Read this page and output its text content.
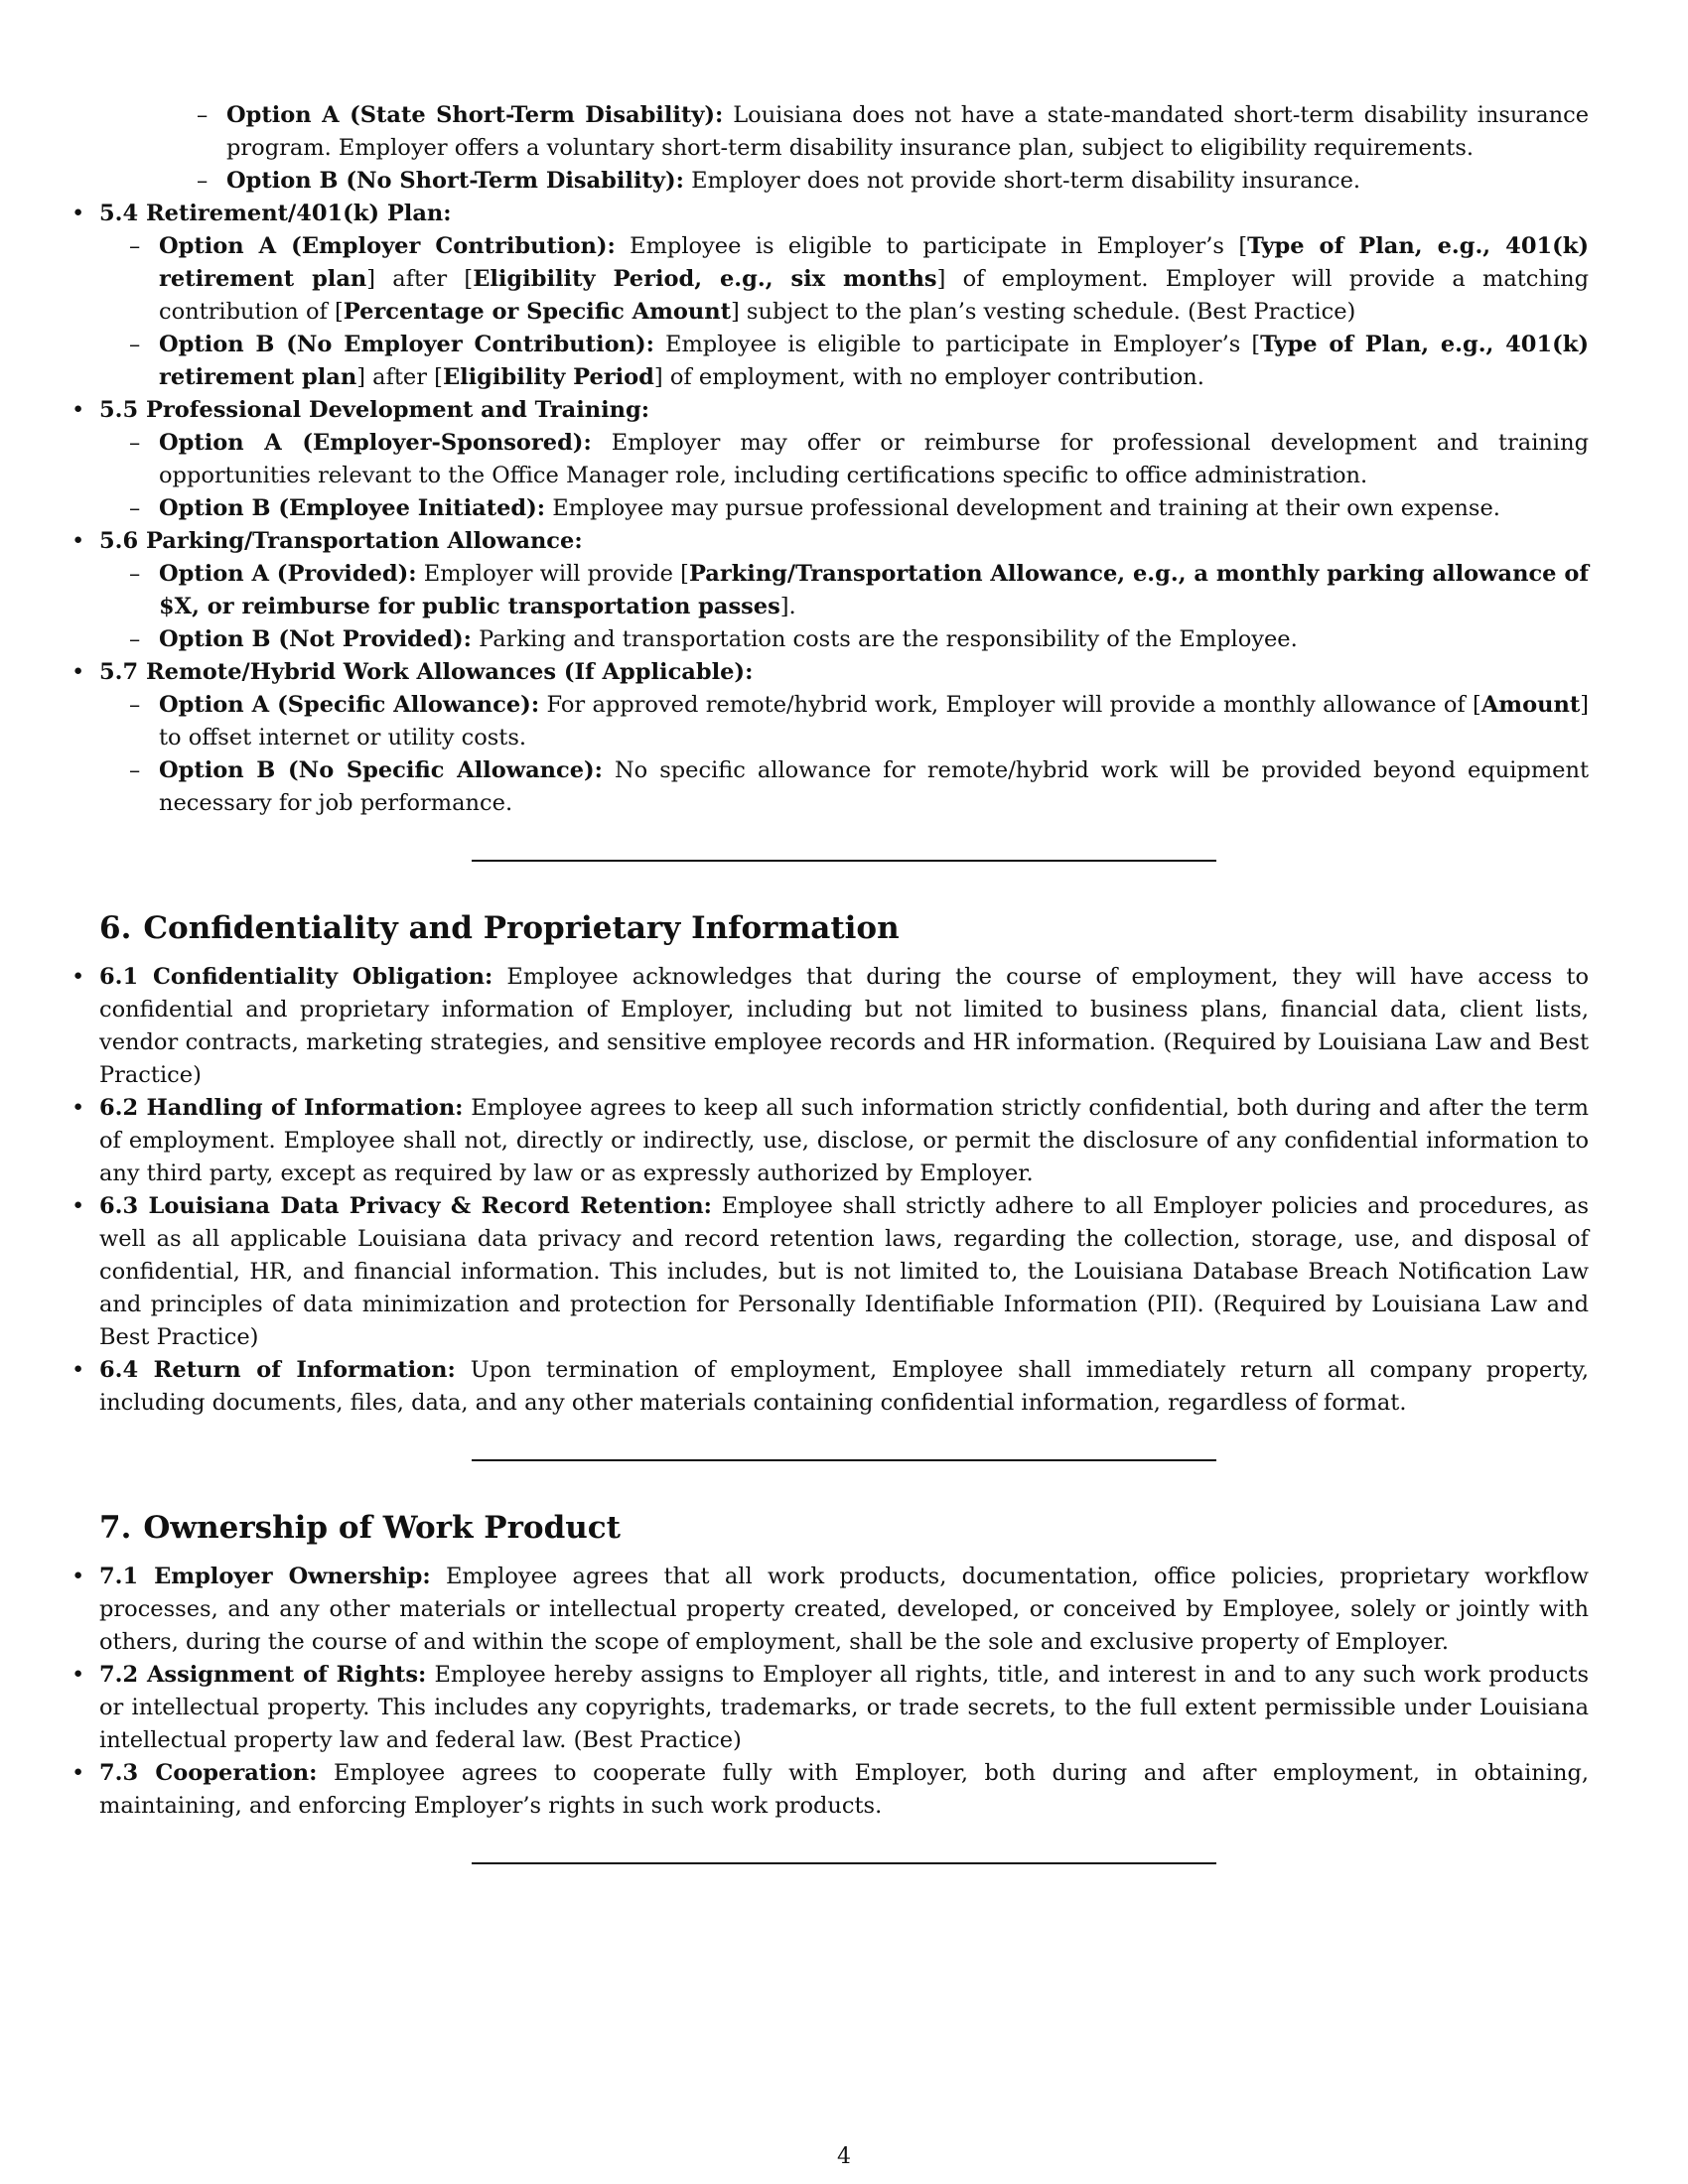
– Option A (State Short-Term Disability): Louisiana does not have a state-mandated short-term disability insurance program. Employer offers a voluntary short-term disability insurance plan, subject to eligibility requirements.
– Option B (No Short-Term Disability): Employer does not provide short-term disability insurance.
• 5.4 Retirement/401(k) Plan:
– Option A (Employer Contribution): Employee is eligible to participate in Employer’s [Type of Plan, e.g., 401(k) retirement plan] after [Eligibility Period, e.g., six months] of employment. Employer will provide a matching contribution of [Percentage or Specific Amount] subject to the plan’s vesting schedule. (Best Practice)
– Option B (No Employer Contribution): Employee is eligible to participate in Employer’s [Type of Plan, e.g., 401(k) retirement plan] after [Eligibility Period] of employment, with no employer contribution.
• 5.5 Professional Development and Training:
– Option A (Employer-Sponsored): Employer may offer or reimburse for professional development and training opportunities relevant to the Office Manager role, including certifications specific to office administration.
– Option B (Employee Initiated): Employee may pursue professional development and training at their own expense.
• 5.6 Parking/Transportation Allowance:
– Option A (Provided): Employer will provide [Parking/Transportation Allowance, e.g., a monthly parking allowance of $X, or reimburse for public transportation passes].
– Option B (Not Provided): Parking and transportation costs are the responsibility of the Employee.
• 5.7 Remote/Hybrid Work Allowances (If Applicable):
– Option A (Specific Allowance): For approved remote/hybrid work, Employer will provide a monthly allowance of [Amount] to offset internet or utility costs.
– Option B (No Specific Allowance): No specific allowance for remote/hybrid work will be provided beyond equipment necessary for job performance.
6. Confidentiality and Proprietary Information
• 6.1 Confidentiality Obligation: Employee acknowledges that during the course of employment, they will have access to confidential and proprietary information of Employer, including but not limited to business plans, financial data, client lists, vendor contracts, marketing strategies, and sensitive employee records and HR information. (Required by Louisiana Law and Best Practice)
• 6.2 Handling of Information: Employee agrees to keep all such information strictly confidential, both during and after the term of employment. Employee shall not, directly or indirectly, use, disclose, or permit the disclosure of any confidential information to any third party, except as required by law or as expressly authorized by Employer.
• 6.3 Louisiana Data Privacy & Record Retention: Employee shall strictly adhere to all Employer policies and procedures, as well as all applicable Louisiana data privacy and record retention laws, regarding the collection, storage, use, and disposal of confidential, HR, and financial information. This includes, but is not limited to, the Louisiana Database Breach Notification Law and principles of data minimization and protection for Personally Identifiable Information (PII). (Required by Louisiana Law and Best Practice)
• 6.4 Return of Information: Upon termination of employment, Employee shall immediately return all company property, including documents, files, data, and any other materials containing confidential information, regardless of format.
7. Ownership of Work Product
• 7.1 Employer Ownership: Employee agrees that all work products, documentation, office policies, proprietary workflow processes, and any other materials or intellectual property created, developed, or conceived by Employee, solely or jointly with others, during the course of and within the scope of employment, shall be the sole and exclusive property of Employer.
• 7.2 Assignment of Rights: Employee hereby assigns to Employer all rights, title, and interest in and to any such work products or intellectual property. This includes any copyrights, trademarks, or trade secrets, to the full extent permissible under Louisiana intellectual property law and federal law. (Best Practice)
• 7.3 Cooperation: Employee agrees to cooperate fully with Employer, both during and after employment, in obtaining, maintaining, and enforcing Employer’s rights in such work products.
4
